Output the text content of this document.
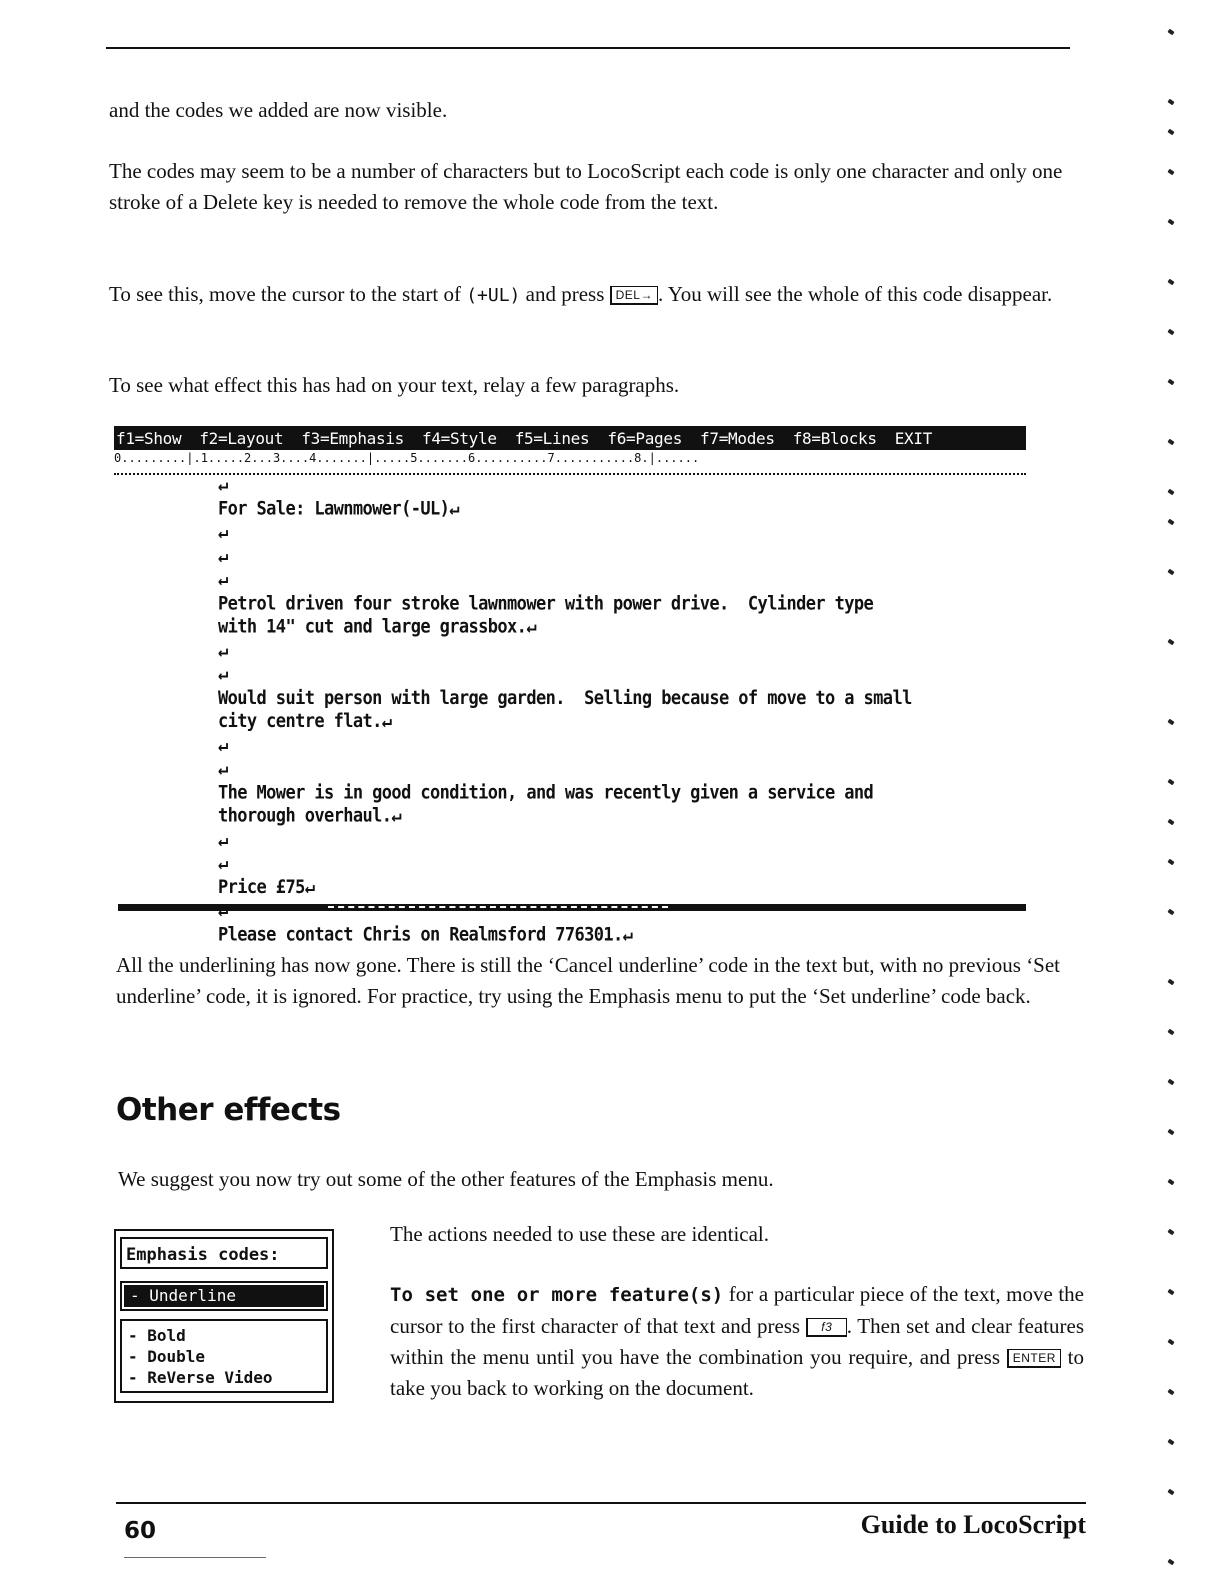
and the codes we added are now visible.

The codes may seem to be a number of characters but to LocoScript each code is only one character and only one stroke of a Delete key is needed to remove the whole code from the text.

To see this, move the cursor to the start of (+UL) and press DEL→ . You will see the whole of this code disappear.

To see what effect this has had on your text, relay a few paragraphs.

f1=Show f2=Layout f3=Emphasis f4=Style f5=Lines f6=Pages f7=Modes f8=Blocks EXIT
0.........|.1.....2...3....4.......|.....5.......6..........7...........8.|......
↵
For Sale: Lawnmower(-UL)↵
↵
↵
↵
Petrol driven four stroke lawnmower with power drive.  Cylinder type
with 14" cut and large grassbox.↵
↵
↵
Would suit person with large garden.  Selling because of move to a small
city centre flat.↵
↵
↵
The Mower is in good condition, and was recently given a service and
thorough overhaul.↵
↵
↵
Price £75↵

Please contact Chris on Realmsford 776301.↵

All the underlining has now gone. There is still the ‘Cancel underline’ code in the text but, with no previous ‘Set underline’ code, it is ignored. For practice, try using the Emphasis menu to put the ‘Set underline’ code back.

Other effects

We suggest you now try out some of the other features of the Emphasis menu.

Emphasis codes:
- Underline
- Bold
- Double
- ReVerse Video

The actions needed to use these are identical.

To set one or more feature(s) for a particular piece of the text, move the cursor to the first character of that text and press f3 . Then set and clear features within the menu until you have the combination you require, and press ENTER to take you back to working on the document.

60	Guide to LocoScript
